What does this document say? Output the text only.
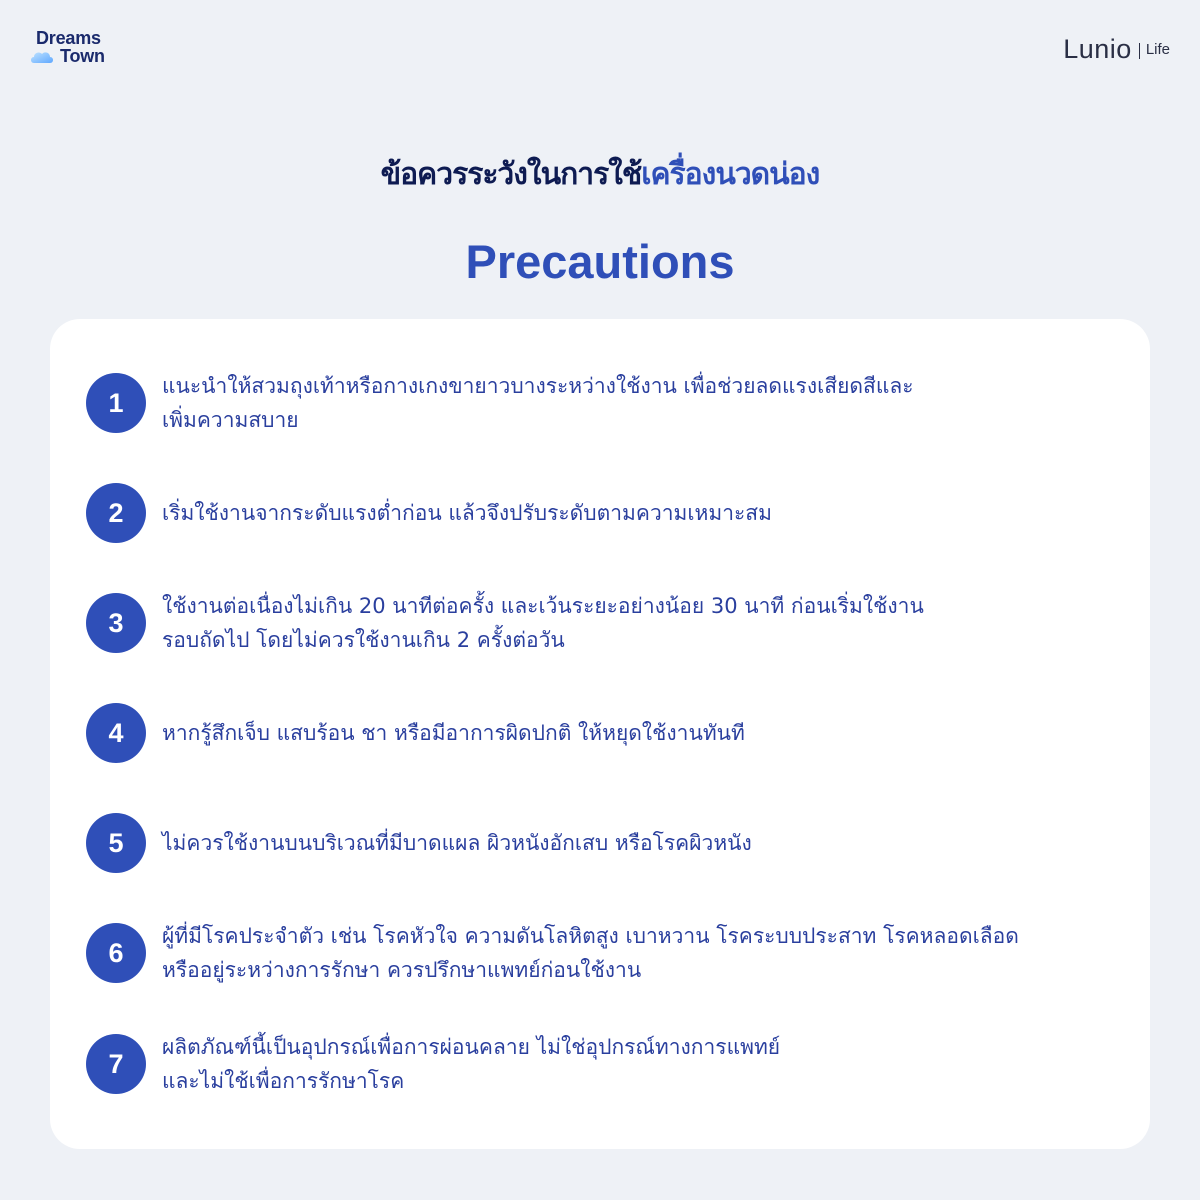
Dreams
Town	Lunio Life
ข้อควรระวังในการใช้เครื่องนวดน่อง
Precautions
1
แนะนำให้สวมถุงเท้าหรือกางเกงขายาวบางระหว่างใช้งาน เพื่อช่วยลดแรงเสียดสีและ
เพิ่มความสบาย
2	เริ่มใช้งานจากระดับแรงต่ำก่อน แล้วจึงปรับระดับตามความเหมาะสม
3
ใช้งานต่อเนื่องไม่เกิน 20 นาทีต่อครั้ง และเว้นระยะอย่างน้อย 30 นาที ก่อนเริ่มใช้งาน
รอบถัดไป โดยไม่ควรใช้งานเกิน 2 ครั้งต่อวัน
4	หากรู้สึกเจ็บ แสบร้อน ชา หรือมีอาการผิดปกติ ให้หยุดใช้งานทันที
5	ไม่ควรใช้งานบนบริเวณที่มีบาดแผล ผิวหนังอักเสบ หรือโรคผิวหนัง
6
ผู้ที่มีโรคประจำตัว เช่น โรคหัวใจ ความดันโลหิตสูง เบาหวาน โรคระบบประสาท โรคหลอดเลือด
หรืออยู่ระหว่างการรักษา ควรปรึกษาแพทย์ก่อนใช้งาน
7
ผลิตภัณฑ์นี้เป็นอุปกรณ์เพื่อการผ่อนคลาย ไม่ใช่อุปกรณ์ทางการแพทย์
และไม่ใช้เพื่อการรักษาโรค
